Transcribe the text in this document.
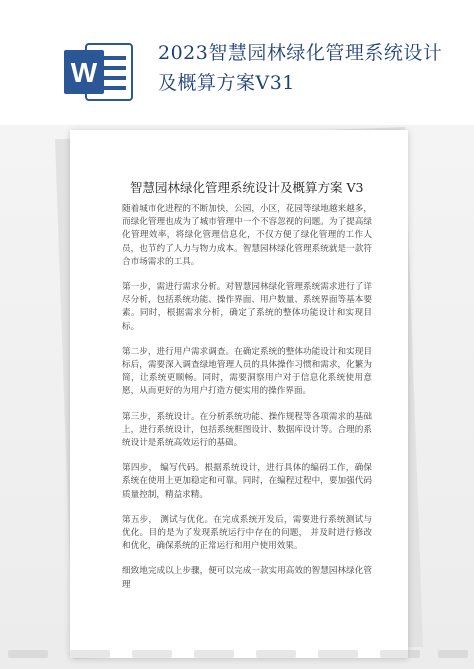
W
2023智慧园林绿化管理系统设计及概算方案V31
智慧园林绿化管理系统设计及概算方案 V3

随着城市化进程的不断加快，公园，小区，花园等绿地越来越多，而绿化管理也成为了城市管理中一个不容忽视的问题。为了提高绿化管理效率，将绿化管理信息化，不仅方便了绿化管理的工作人员，也节约了人力与物力成本。智慧园林绿化管理系统就是一款符合市场需求的工具。

第一步，需进行需求分析。对智慧园林绿化管理系统需求进行了详尽分析，包括系统功能、操作界面、用户数量、系统界面等基本要素。同时，根据需求分析，确定了系统的整体功能设计和实现目标。

第二步，进行用户需求调查。在确定系统的整体功能设计和实现目标后，需要深入调查绿地管理人员的具体操作习惯和需求，化繁为简，让系统更顺畅。同时，需要洞察用户对于信息化系统使用意愿，从而更好的为用户打造方便实用的操作界面。

第三步，系统设计。在分析系统功能、操作规程等各项需求的基础上，进行系统设计，包括系统框图设计、数据库设计等。合理的系统设计是系统高效运行的基础。

第四步， 编写代码。根据系统设计，进行具体的编码工作，确保系统在使用上更加稳定和可靠。同时，在编程过程中，要加强代码质量控制，精益求精。

第五步， 测试与优化。在完成系统开发后，需要进行系统测试与优化。目的是为了发现系统运行中存在的问题， 并及时进行修改和优化，确保系统的正常运行和用户使用效果。

细致地完成以上步骤，便可以完成一款实用高效的智慧园林绿化管理
